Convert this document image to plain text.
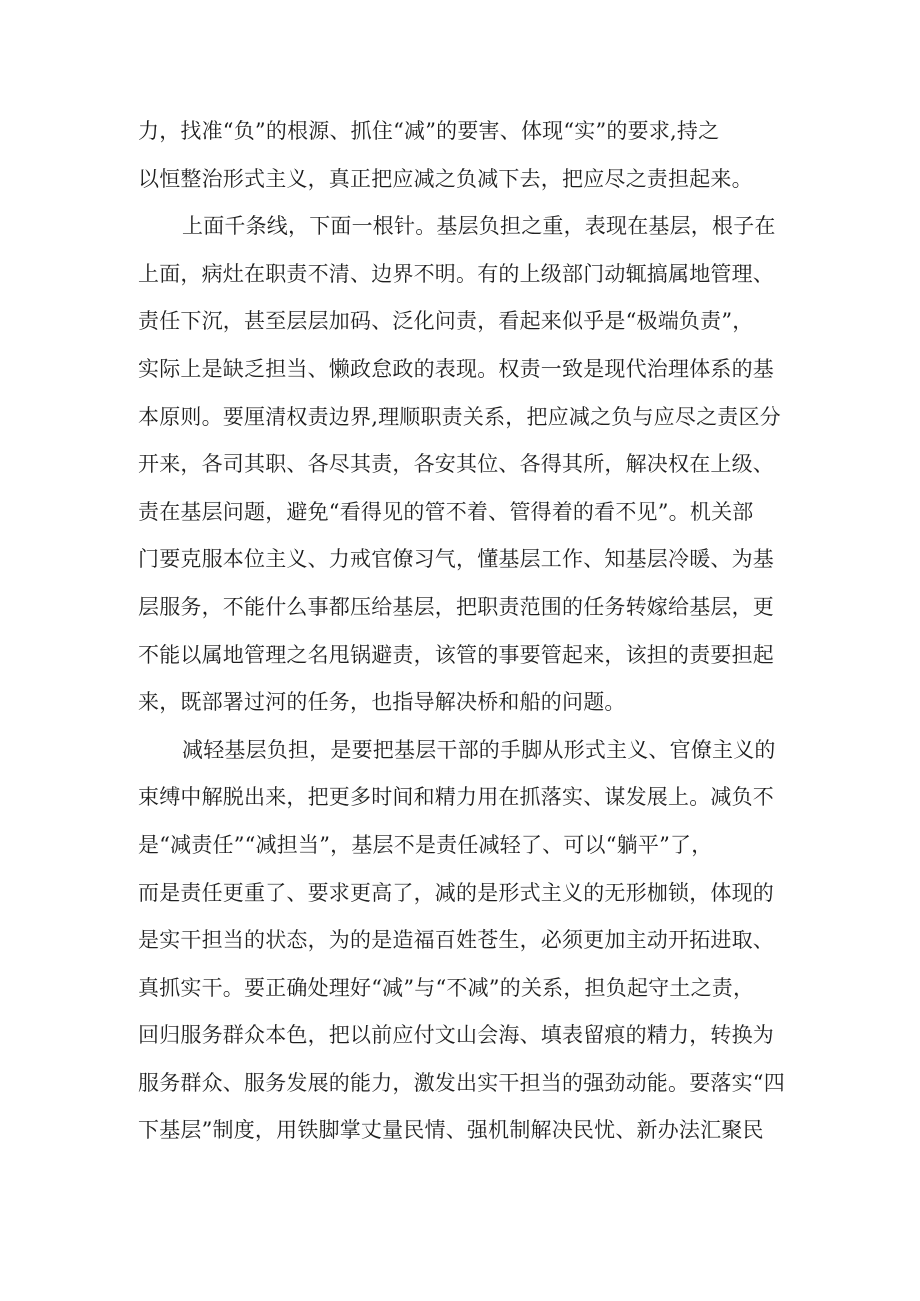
力，找准“负”的根源、抓住“减”的要害、体现“实”的要求,持之
以恒整治形式主义，真正把应减之负减下去，把应尽之责担起来。
上面千条线，下面一根针。基层负担之重，表现在基层，根子在
上面，病灶在职责不清、边界不明。有的上级部门动辄搞属地管理、
责任下沉，甚至层层加码、泛化问责，看起来似乎是“极端负责”，
实际上是缺乏担当、懒政怠政的表现。权责一致是现代治理体系的基
本原则。要厘清权责边界,理顺职责关系，把应减之负与应尽之责区分
开来，各司其职、各尽其责，各安其位、各得其所，解决权在上级、
责在基层问题，避免“看得见的管不着、管得着的看不见”。机关部
门要克服本位主义、力戒官僚习气，懂基层工作、知基层冷暖、为基
层服务，不能什么事都压给基层，把职责范围的任务转嫁给基层，更
不能以属地管理之名甩锅避责，该管的事要管起来，该担的责要担起
来，既部署过河的任务，也指导解决桥和船的问题。
减轻基层负担，是要把基层干部的手脚从形式主义、官僚主义的
束缚中解脱出来，把更多时间和精力用在抓落实、谋发展上。减负不
是“减责任”“减担当”，基层不是责任减轻了、可以“躺平”了，
而是责任更重了、要求更高了，减的是形式主义的无形枷锁，体现的
是实干担当的状态，为的是造福百姓苍生，必须更加主动开拓进取、
真抓实干。要正确处理好“减”与“不减”的关系，担负起守土之责，
回归服务群众本色，把以前应付文山会海、填表留痕的精力，转换为
服务群众、服务发展的能力，激发出实干担当的强劲动能。要落实“四
下基层”制度，用铁脚掌丈量民情、强机制解决民忧、新办法汇聚民
